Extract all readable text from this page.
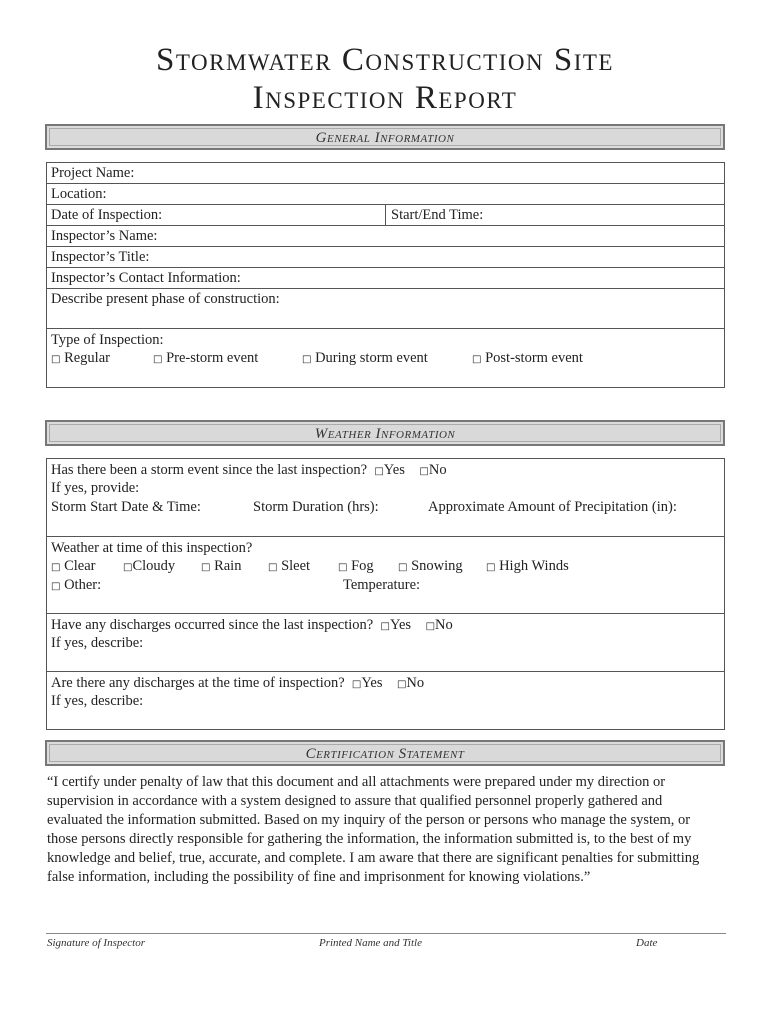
Stormwater Construction Site
Inspection Report
General Information
Project Name:
Location:
Date of Inspection:	Start/End Time:
Inspector’s Name:
Inspector’s Title:
Inspector’s Contact Information:
Describe present phase of construction:
Type of Inspection:
□ Regular	□ Pre-storm event	□ During storm event	□ Post-storm event
Weather Information
Has there been a storm event since the last inspection? □Yes □No
If yes, provide:
Storm Start Date & Time:	Storm Duration (hrs):	Approximate Amount of Precipitation (in):
Weather at time of this inspection?
□ Clear	□Cloudy	□ Rain	□ Sleet	□ Fog □ Snowing □ High Winds
□ Other:	Temperature:
Have any discharges occurred since the last inspection? □Yes □No
If yes, describe:
Are there any discharges at the time of inspection? □Yes □No
If yes, describe:
Certification Statement
“I certify under penalty of law that this document and all attachments were prepared under my direction or
supervision in accordance with a system designed to assure that qualified personnel properly gathered and
evaluated the information submitted. Based on my inquiry of the person or persons who manage the system, or
those persons directly responsible for gathering the information, the information submitted is, to the best of my
knowledge and belief, true, accurate, and complete. I am aware that there are significant penalties for submitting
false information, including the possibility of fine and imprisonment for knowing violations.”
Signature of Inspector	Printed Name and Title	Date
